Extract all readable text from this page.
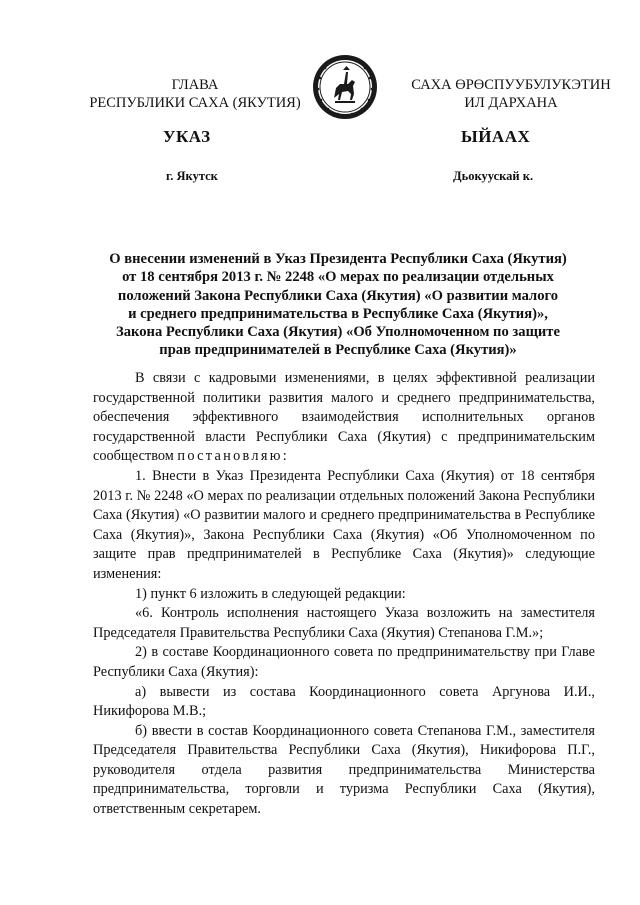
ГЛАВА
РЕСПУБЛИКИ САХА (ЯКУТИЯ)
САХА ӨРӨСПУУБУЛУКЭТИН
ИЛ ДАРХАНА
УКАЗ	ЫЙААХ
г. Якутск	Дьокуускай к.
О внесении изменений в Указ Президента Республики Саха (Якутия)
от 18 сентября 2013 г. № 2248 «О мерах по реализации отдельных
положений Закона Республики Саха (Якутия) «О развитии малого
и среднего предпринимательства в Республике Саха (Якутия)»,
Закона Республики Саха (Якутия) «Об Уполномоченном по защите
прав предпринимателей в Республике Саха (Якутия)»

В связи с кадровыми изменениями, в целях эффективной реализации государственной политики развития малого и среднего предпринимательства, обеспечения эффективного взаимодействия исполнительных органов государственной власти Республики Саха (Якутия) с предпринимательским сообществом постановляю:

1. Внести в Указ Президента Республики Саха (Якутия) от 18 сентября 2013 г. № 2248 «О мерах по реализации отдельных положений Закона Республики Саха (Якутия) «О развитии малого и среднего предпринимательства в Республике Саха (Якутия)», Закона Республики Саха (Якутия) «Об Уполномоченном по защите прав предпринимателей в Республике Саха (Якутия)» следующие изменения:

1) пункт 6 изложить в следующей редакции:

«6. Контроль исполнения настоящего Указа возложить на заместителя Председателя Правительства Республики Саха (Якутия) Степанова Г.М.»;

2) в составе Координационного совета по предпринимательству при Главе Республики Саха (Якутия):

а) вывести из состава Координационного совета Аргунова И.И., Никифорова М.В.;

б) ввести в состав Координационного совета Степанова Г.М., заместителя Председателя Правительства Республики Саха (Якутия), Никифорова П.Г., руководителя отдела развития предпринимательства Министерства предпринимательства, торговли и туризма Республики Саха (Якутия), ответственным секретарем.
